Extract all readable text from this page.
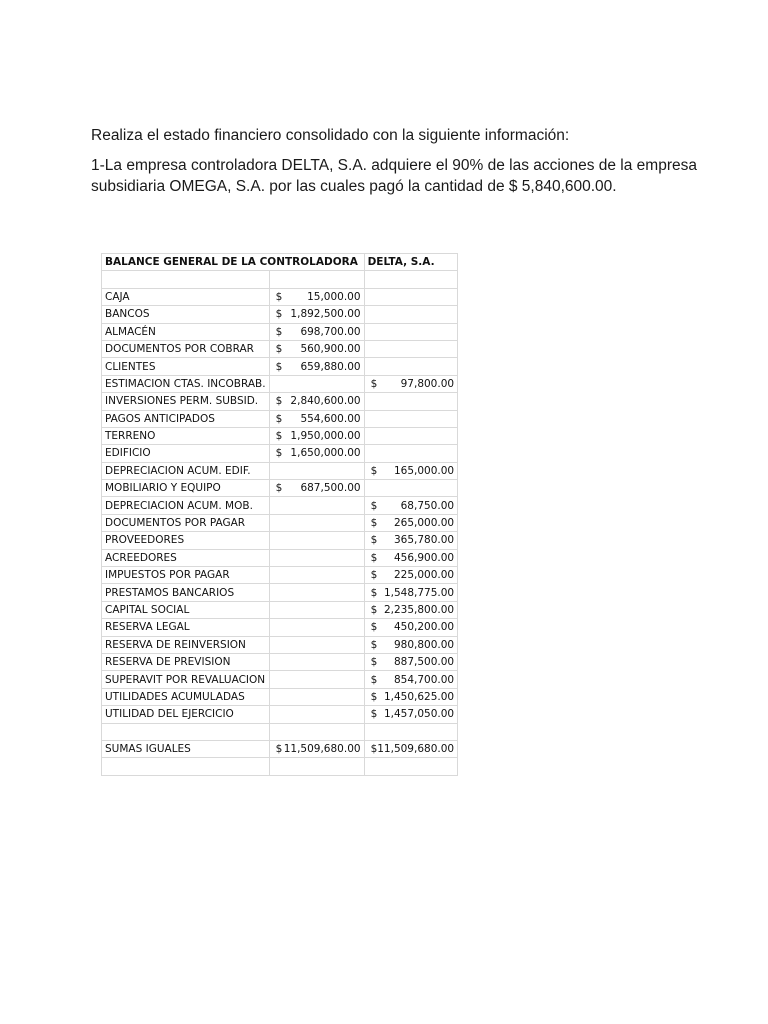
Realiza el estado financiero consolidado con la siguiente información:

1-La empresa controladora DELTA, S.A. adquiere el 90% de las acciones de la empresa subsidiaria OMEGA, S.A. por las cuales pagó la cantidad de $ 5,840,600.00.

BALANCE GENERAL DE LA CONTROLADORA		DELTA, S.A.

CAJA	$ 15,000.00	

BANCOS	$ 1,892,500.00	

ALMACÉN	$ 698,700.00	

DOCUMENTOS POR COBRAR	$ 560,900.00	

CLIENTES	$ 659,880.00	

ESTIMACION CTAS. INCOBRAB.		$ 97,800.00

INVERSIONES PERM. SUBSID.	$ 2,840,600.00	

PAGOS ANTICIPADOS	$ 554,600.00	

TERRENO	$ 1,950,000.00	

EDIFICIO	$ 1,650,000.00	

DEPRECIACION ACUM. EDIF.		$ 165,000.00

MOBILIARIO Y EQUIPO	$ 687,500.00	

DEPRECIACION ACUM. MOB.		$ 68,750.00

DOCUMENTOS POR PAGAR		$ 265,000.00

PROVEEDORES		$ 365,780.00

ACREEDORES		$ 456,900.00

IMPUESTOS POR PAGAR		$ 225,000.00

PRESTAMOS BANCARIOS		$ 1,548,775.00

CAPITAL SOCIAL		$ 2,235,800.00

RESERVA LEGAL		$ 450,200.00

RESERVA DE REINVERSION		$ 980,800.00

RESERVA DE PREVISION		$ 887,500.00

SUPERAVIT POR REVALUACION		$ 854,700.00

UTILIDADES ACUMULADAS		$ 1,450,625.00

UTILIDAD DEL EJERCICIO		$ 1,457,050.00

SUMAS IGUALES	$ 11,509,680.00	$ 11,509,680.00
